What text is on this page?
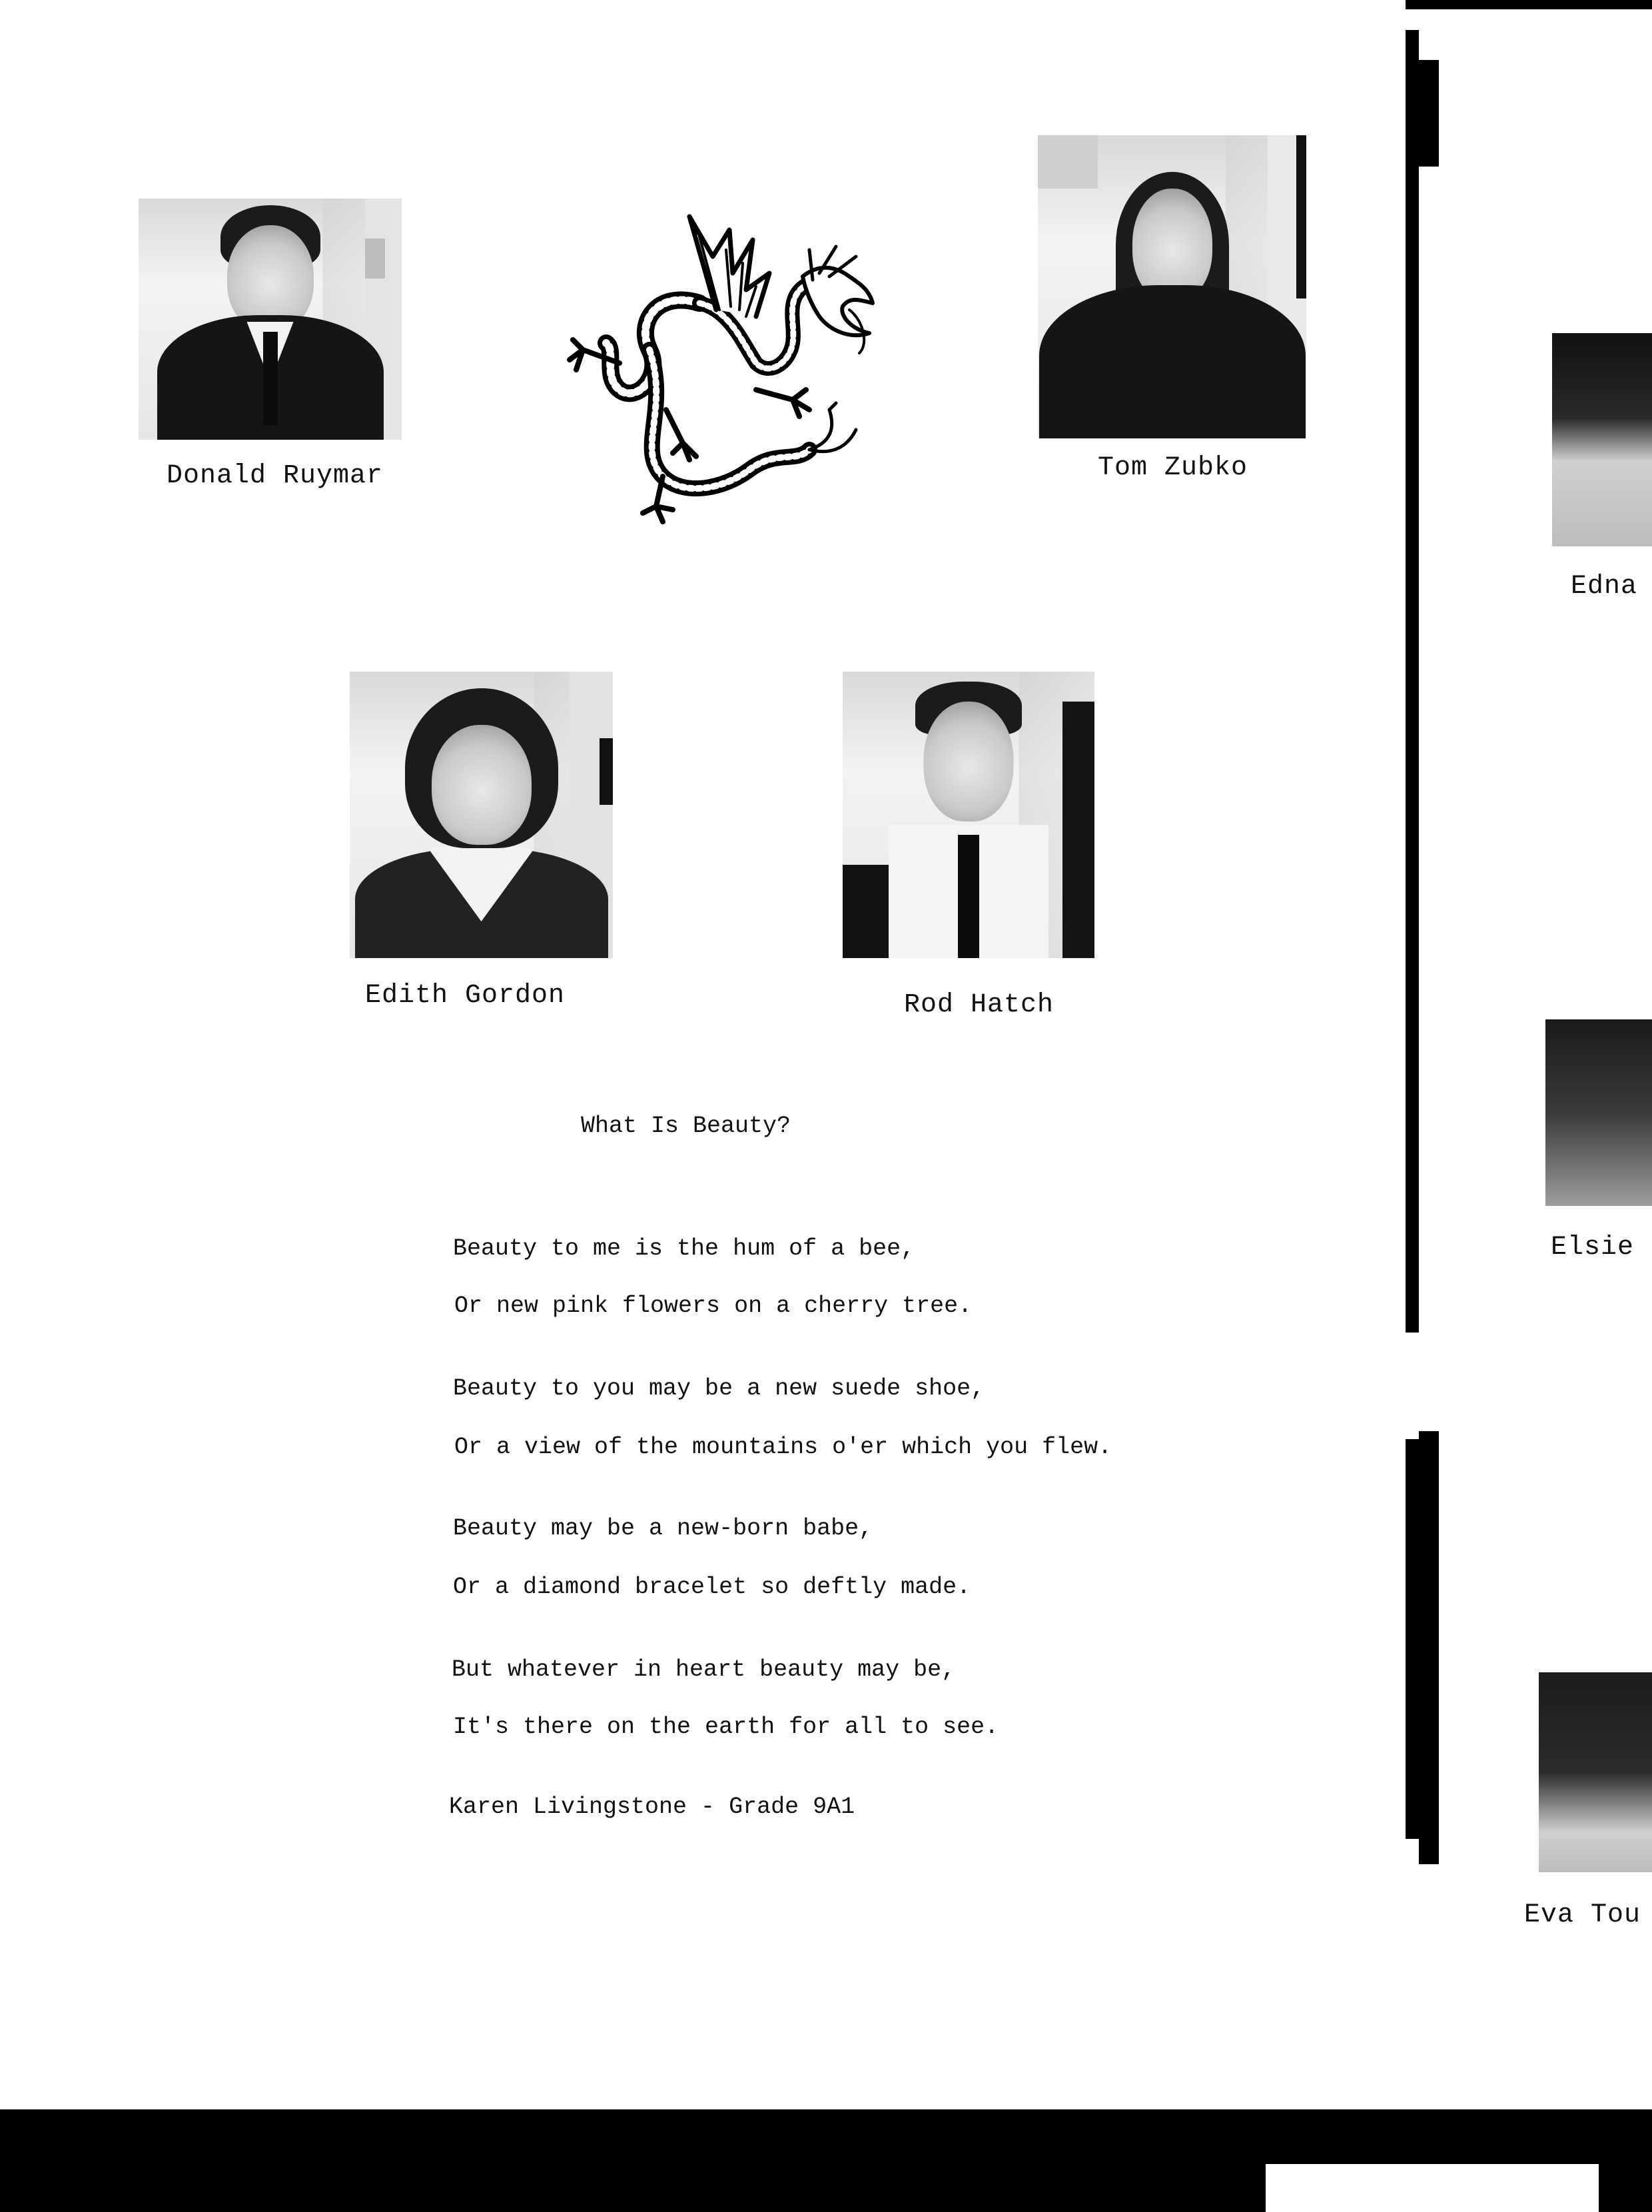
Donald Ruymar	Tom Zubko
Edith Gordon	Rod Hatch
What Is Beauty?
Beauty to me is the hum of a bee,
Or new pink flowers on a cherry tree.
Beauty to you may be a new suede shoe,
Or a view of the mountains o'er which you flew.
Beauty may be a new-born babe,
Or a diamond bracelet so deftly made.
But whatever in heart beauty may be,
It's there on the earth for all to see.
Karen Livingstone - Grade 9A1
Edna
Elsie
Eva Tou
